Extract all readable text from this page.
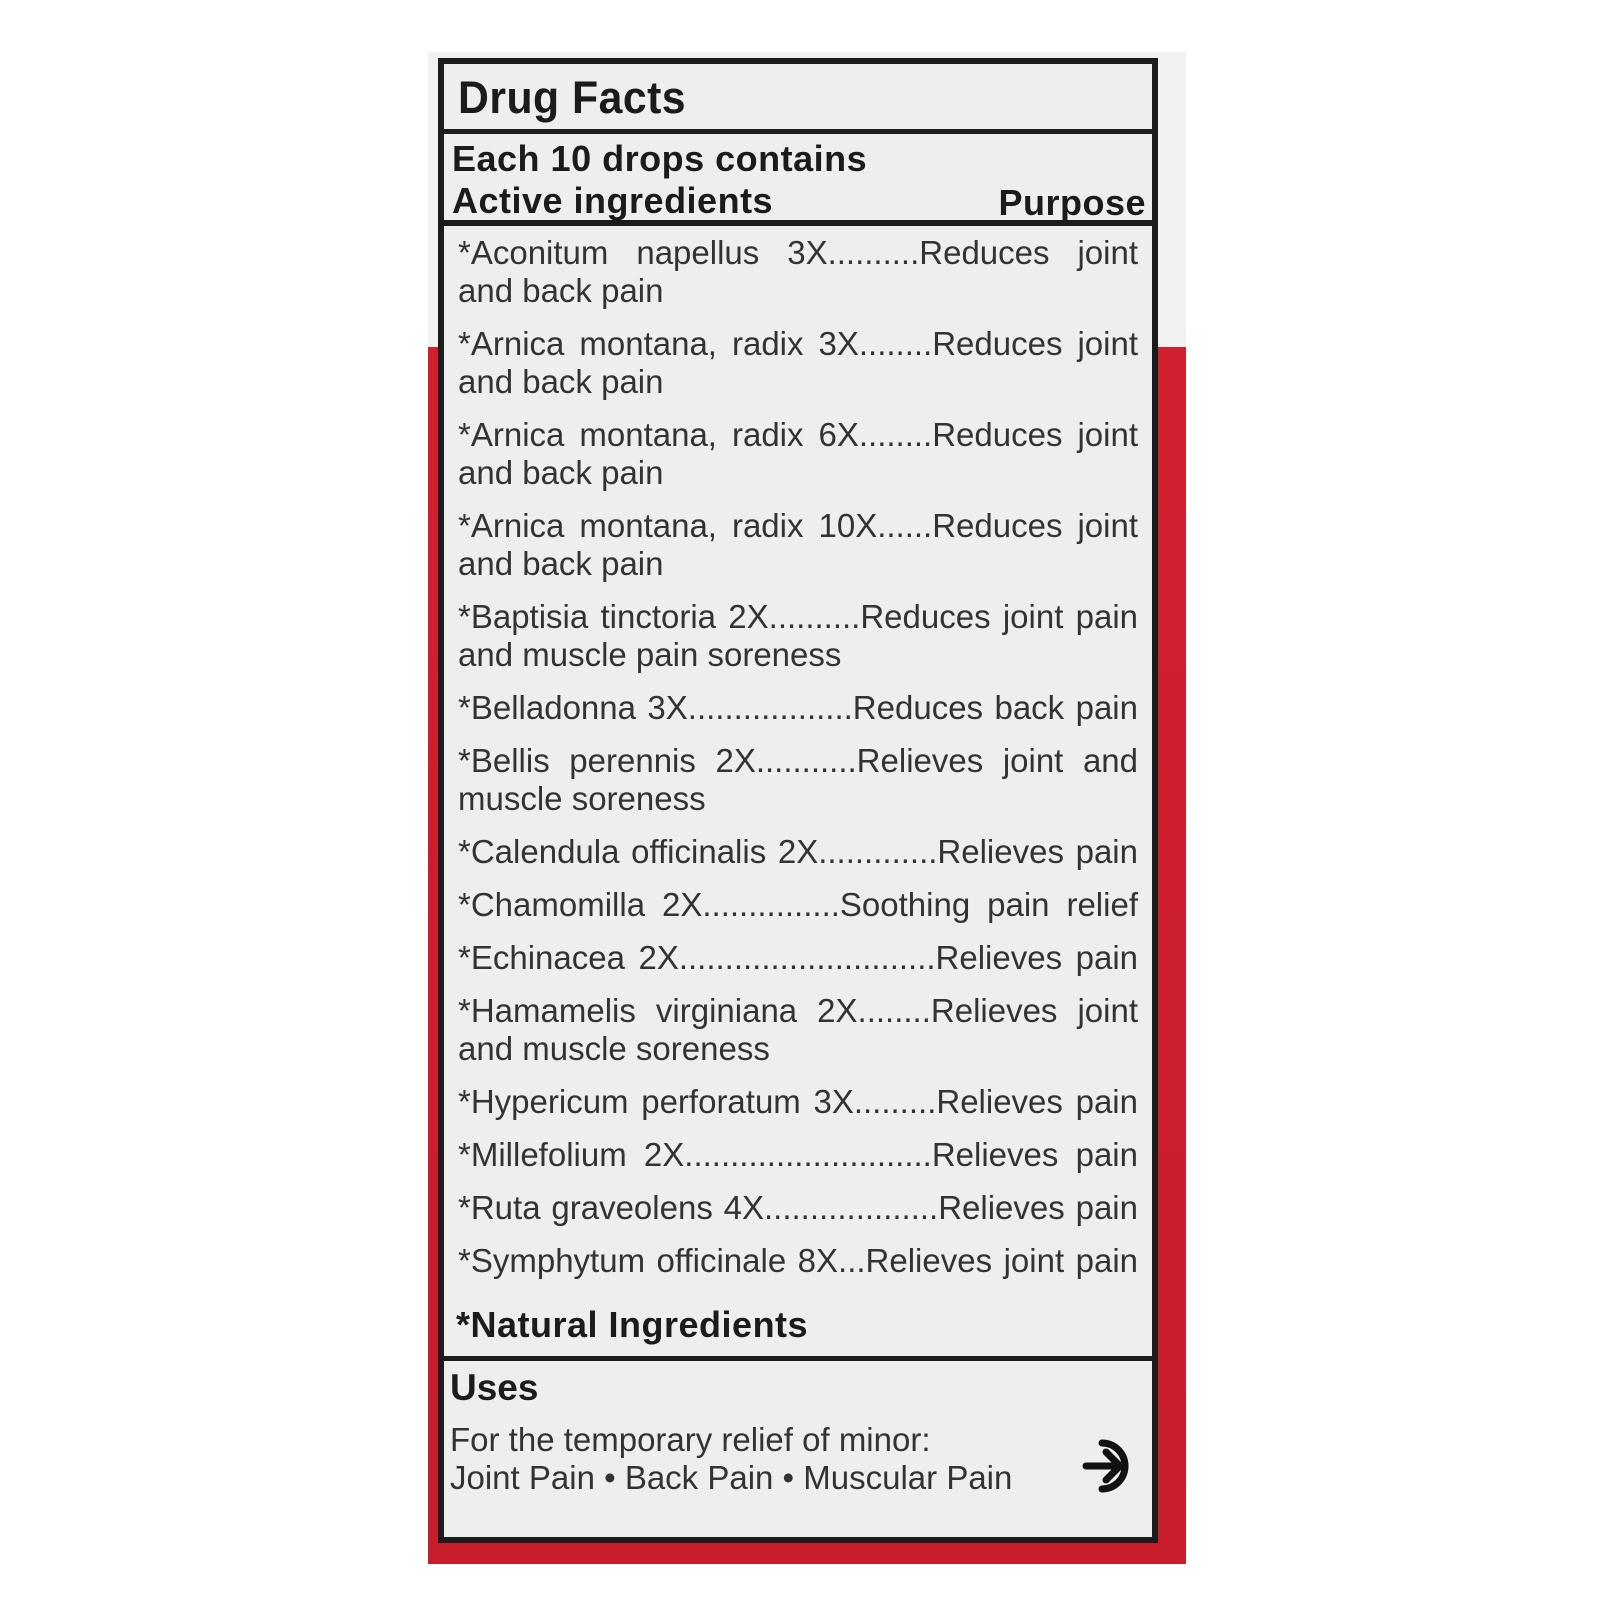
Drug Facts
Each 10 drops contains
Active ingredients	Purpose
*Aconitum napellus 3X..........Reduces joint and back pain
*Arnica montana, radix 3X........Reduces joint and back pain
*Arnica montana, radix 6X........Reduces joint and back pain
*Arnica montana, radix 10X......Reduces joint and back pain
*Baptisia tinctoria 2X..........Reduces joint pain and muscle pain soreness
*Belladonna 3X..................Reduces back pain
*Bellis perennis 2X...........Relieves joint and muscle soreness
*Calendula officinalis 2X.............Relieves pain
*Chamomilla 2X...............Soothing pain relief
*Echinacea 2X............................Relieves pain
*Hamamelis virginiana 2X........Relieves joint and muscle soreness
*Hypericum perforatum 3X.........Relieves pain
*Millefolium 2X...........................Relieves pain
*Ruta graveolens 4X...................Relieves pain
*Symphytum officinale 8X...Relieves joint pain
*Natural Ingredients
Uses
For the temporary relief of minor:
Joint Pain • Back Pain • Muscular Pain
